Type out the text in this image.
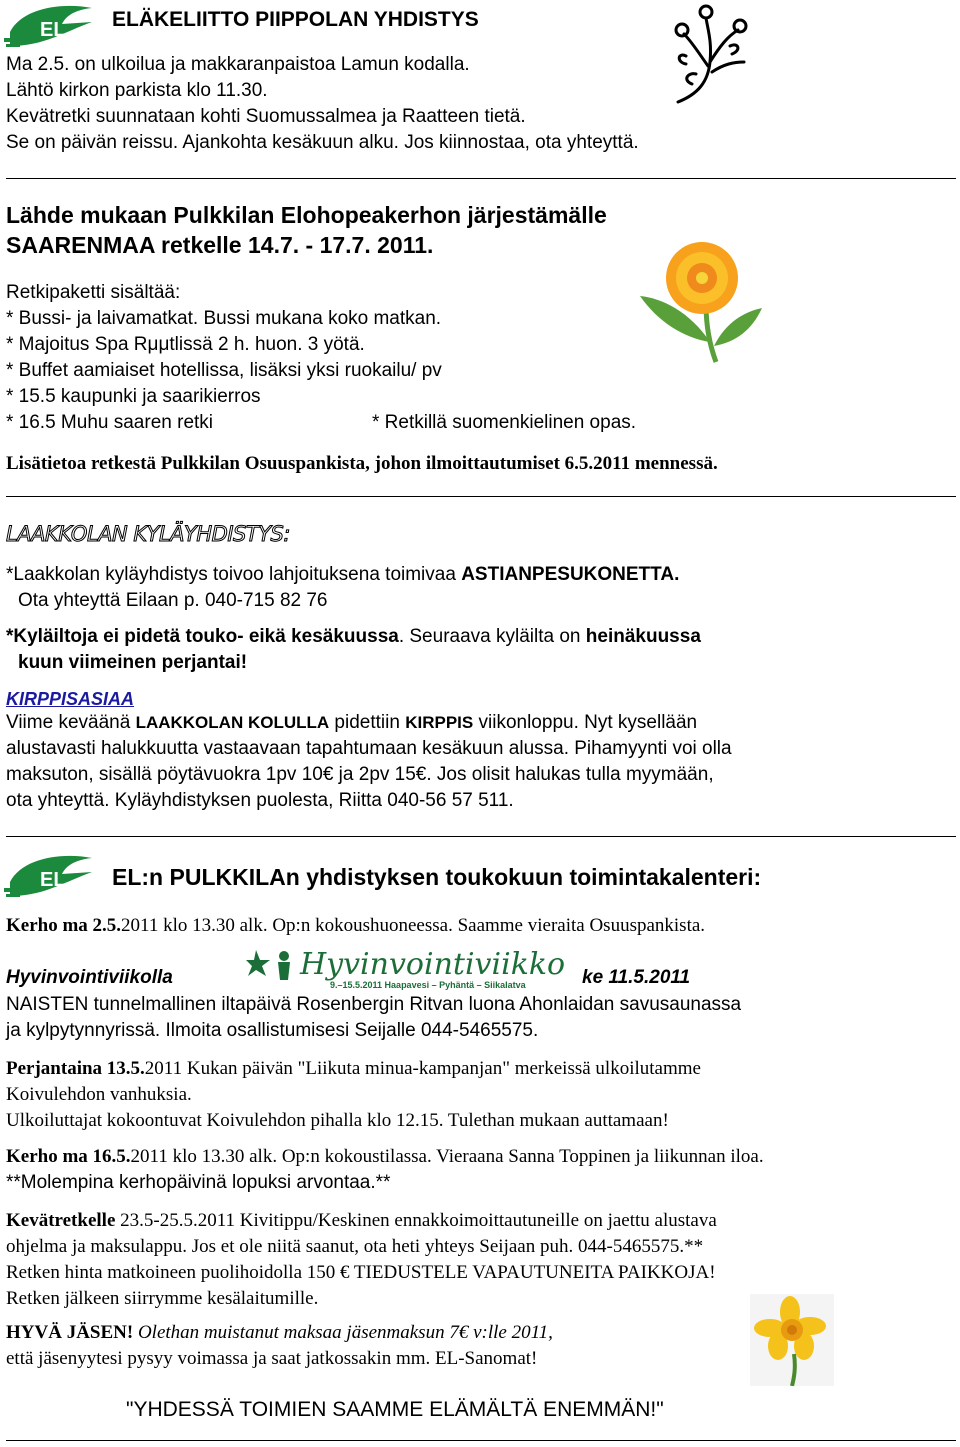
EL ELÄKELIITTO PIIPPOLAN YHDISTYS
Ma 2.5. on ulkoilua ja makkaranpaistoa Lamun kodalla.
Lähtö kirkon parkista klo 11.30.
Kevätretki suunnataan kohti Suomussalmea ja Raatteen tietä.
Se on päivän reissu. Ajankohta kesäkuun alku. Jos kiinnostaa, ota yhteyttä.
Lähde mukaan Pulkkilan Elohopeakerhon järjestämälle
SAARENMAA retkelle 14.7. - 17.7. 2011.
Retkipaketti sisältää:
* Bussi- ja laivamatkat. Bussi mukana koko matkan.
* Majoitus Spa Rμμtlissä 2 h. huon. 3 yötä.
* Buffet aamiaiset hotellissa, lisäksi yksi ruokailu/ pv
* 15.5 kaupunki ja saarikierros
* 16.5 Muhu saaren retki	* Retkillä suomenkielinen opas.
Lisätietoa retkestä Pulkkilan Osuuspankista, johon ilmoittautumiset 6.5.2011 mennessä.
LAAKKOLAN KYLÄYHDISTYS:
*Laakkolan kyläyhdistys toivoo lahjoituksena toimivaa ASTIANPESUKONETTA.
Ota yhteyttä Eilaan p. 040-715 82 76
*Kyläiltoja ei pidetä touko- eikä kesäkuussa. Seuraava kyläilta on heinäkuussa
kuun viimeinen perjantai!
KIRPPISASIAA
Viime keväänä LAAKKOLAN KOLULLA pidettiin KIRPPIS viikonloppu. Nyt kysellään
alustavasti halukkuutta vastaavaan tapahtumaan kesäkuun alussa. Pihamyynti voi olla
maksuton, sisällä pöytävuokra 1pv 10€ ja 2pv 15€. Jos olisit halukas tulla myymään,
ota yhteyttä. Kyläyhdistyksen puolesta, Riitta 040-56 57 511.
EL EL:n PULKKILAn yhdistyksen toukokuun toimintakalenteri:
Kerho ma 2.5.2011 klo 13.30 alk. Op:n kokoushuoneessa. Saamme vieraita Osuuspankista.
Hyvinvointiviikolla	Hyvinvointiviikko
9.–15.5.2011 Haapavesi – Pyhäntä – Siikalatva	ke 11.5.2011
NAISTEN tunnelmallinen iltapäivä Rosenbergin Ritvan luona Ahonlaidan savusaunassa
ja kylpytynnyrissä. Ilmoita osallistumisesi Seijalle 044-5465575.
Perjantaina 13.5.2011 Kukan päivän "Liikuta minua-kampanjan" merkeissä ulkoilutamme
Koivulehdon vanhuksia.
Ulkoiluttajat kokoontuvat Koivulehdon pihalla klo 12.15. Tulethan mukaan auttamaan!
Kerho ma 16.5.2011 klo 13.30 alk. Op:n kokoustilassa. Vieraana Sanna Toppinen ja liikunnan iloa.
**Molempina kerhopäivinä lopuksi arvontaa.**
Kevätretkelle 23.5-25.5.2011 Kivitippu/Keskinen ennakkoimoittautuneille on jaettu alustava
ohjelma ja maksulappu. Jos et ole niitä saanut, ota heti yhteys Seijaan puh. 044-5465575.**
Retken hinta matkoineen puolihoidolla 150 € TIEDUSTELE VAPAUTUNEITA PAIKKOJA!
Retken jälkeen siirrymme kesälaitumille.
HYVÄ JÄSEN! Olethan muistanut maksaa jäsenmaksun 7€ v:lle 2011,
että jäsenyytesi pysyy voimassa ja saat jatkossakin mm. EL-Sanomat!
"YHDESSÄ TOIMIEN SAAMME ELÄMÄLTÄ ENEMMÄN!"
